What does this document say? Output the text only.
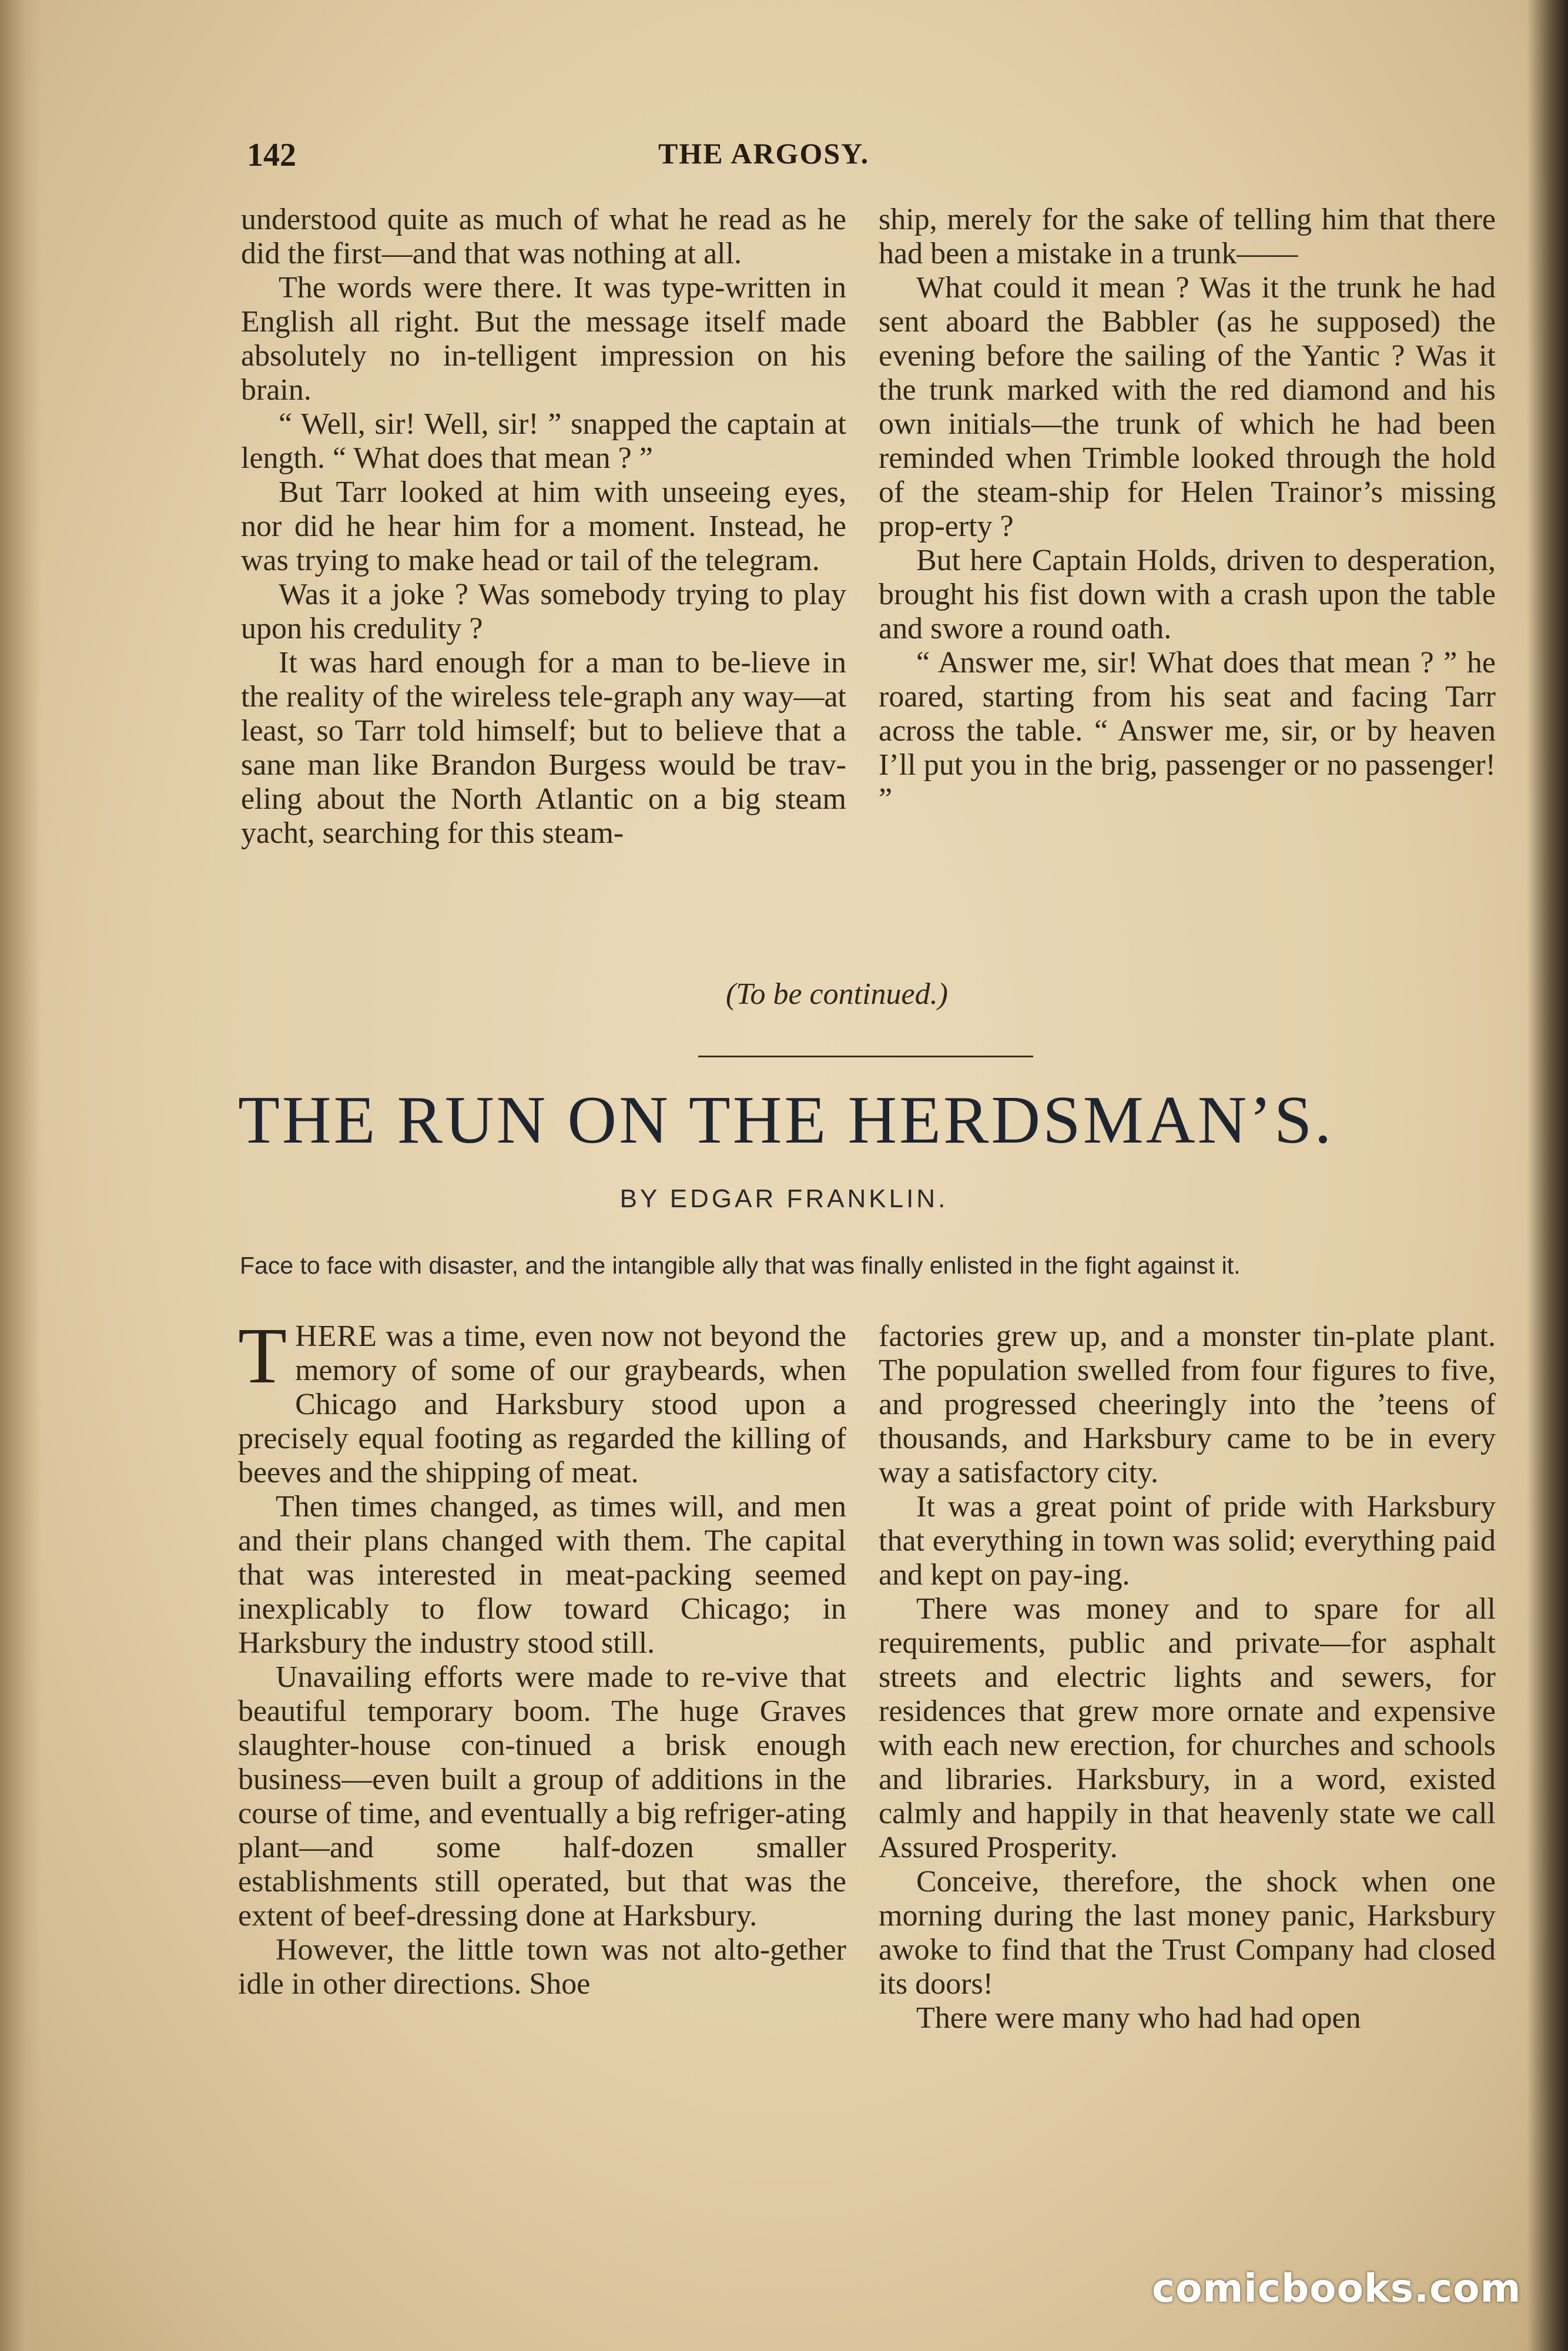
142	THE ARGOSY.

understood quite as much of what he read as he did the first—and that was nothing at all.

The words were there. It was type-written in English all right. But the message itself made absolutely no in-telligent impression on his brain.

“ Well, sir! Well, sir! ” snapped the captain at length. “ What does that mean ? ”

But Tarr looked at him with unseeing eyes, nor did he hear him for a moment. Instead, he was trying to make head or tail of the telegram.

Was it a joke ? Was somebody trying to play upon his credulity ?

It was hard enough for a man to be-lieve in the reality of the wireless tele-graph any way—at least, so Tarr told himself; but to believe that a sane man like Brandon Burgess would be trav-eling about the North Atlantic on a big steam yacht, searching for this steam-

ship, merely for the sake of telling him that there had been a mistake in a trunk——

What could it mean ? Was it the trunk he had sent aboard the Babbler (as he supposed) the evening before the sailing of the Yantic ? Was it the trunk marked with the red diamond and his own initials—the trunk of which he had been reminded when Trimble looked through the hold of the steam-ship for Helen Trainor’s missing prop-erty ?

But here Captain Holds, driven to desperation, brought his fist down with a crash upon the table and swore a round oath.

“ Answer me, sir! What does that mean ? ” he roared, starting from his seat and facing Tarr across the table. “ Answer me, sir, or by heaven I’ll put you in the brig, passenger or no passenger! ”

(To be continued.)
THE RUN ON THE HERDSMAN’S.
BY EDGAR FRANKLIN.
Face to face with disaster, and the intangible ally that was finally enlisted in the fight against it.

THERE was a time, even now not beyond the memory of some of our graybeards, when Chicago and Harksbury stood upon a precisely equal footing as regarded the killing of beeves and the shipping of meat.

Then times changed, as times will, and men and their plans changed with them. The capital that was interested in meat-packing seemed inexplicably to flow toward Chicago; in Harksbury the industry stood still.

Unavailing efforts were made to re-vive that beautiful temporary boom. The huge Graves slaughter-house con-tinued a brisk enough business—even built a group of additions in the course of time, and eventually a big refriger-ating plant—and some half-dozen smaller establishments still operated, but that was the extent of beef-dressing done at Harksbury.

However, the little town was not alto-gether idle in other directions. Shoe

factories grew up, and a monster tin-plate plant. The population swelled from four figures to five, and progressed cheeringly into the ’teens of thousands, and Harksbury came to be in every way a satisfactory city.

It was a great point of pride with Harksbury that everything in town was solid; everything paid and kept on pay-ing.

There was money and to spare for all requirements, public and private—for asphalt streets and electric lights and sewers, for residences that grew more ornate and expensive with each new erection, for churches and schools and libraries. Harksbury, in a word, existed calmly and happily in that heavenly state we call Assured Prosperity.

Conceive, therefore, the shock when one morning during the last money panic, Harksbury awoke to find that the Trust Company had closed its doors!

There were many who had had open

comicbooks.com
